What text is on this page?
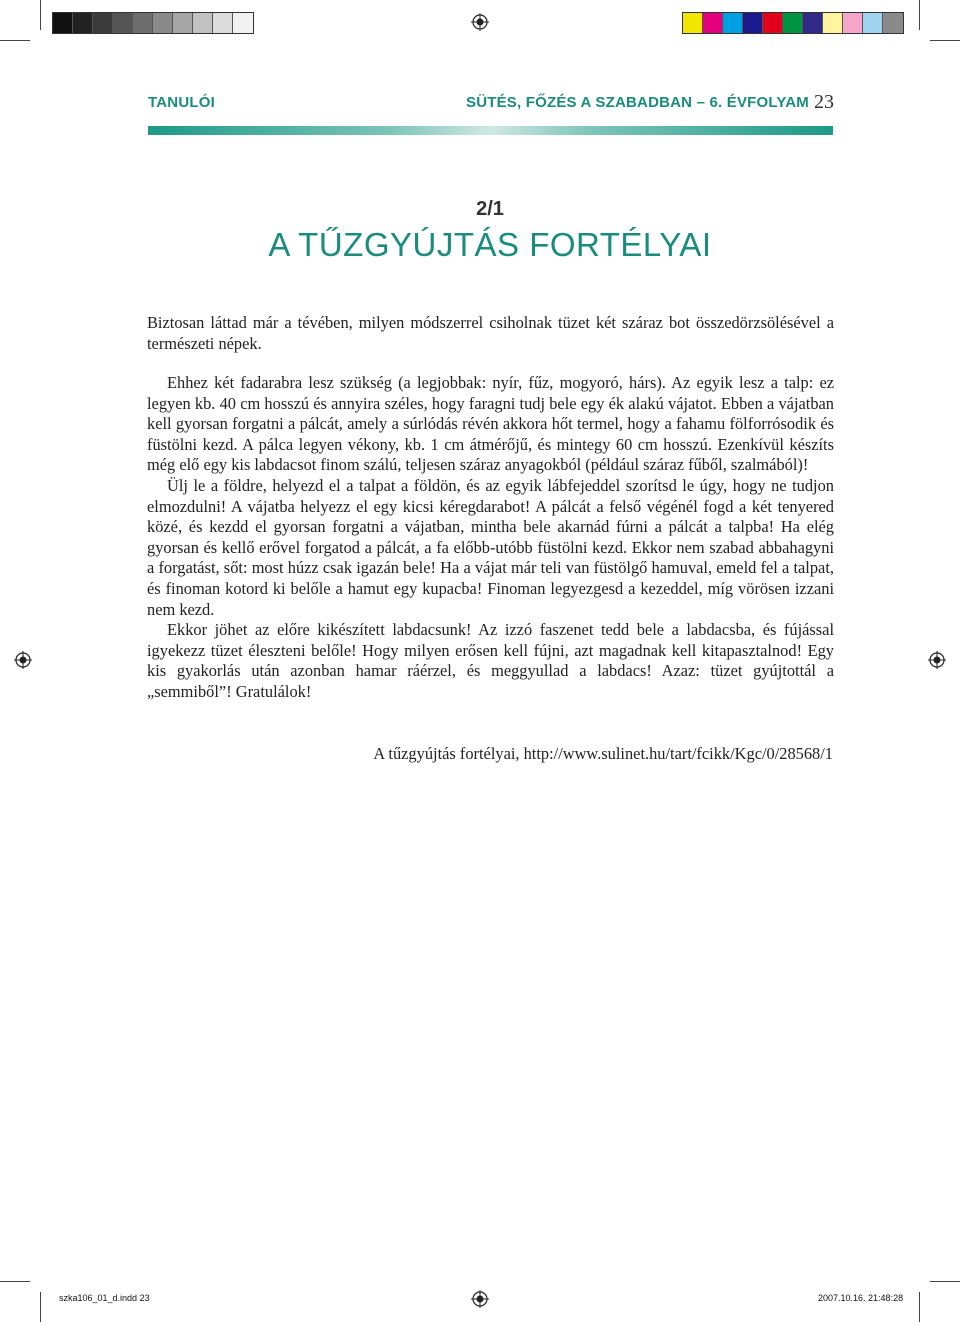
TANULÓI	SÜTÉS, FŐZÉS A SZABADBAN – 6. ÉVFOLYAM 23
2/1
A TŰZGYÚJTÁS FORTÉLYAI

Biztosan láttad már a tévében, milyen módszerrel csiholnak tüzet két száraz bot összedörzsölésével a természeti népek.

Ehhez két fadarabra lesz szükség (a legjobbak: nyír, fűz, mogyoró, hárs). Az egyik lesz a talp: ez legyen kb. 40 cm hosszú és annyira széles, hogy faragni tudj bele egy ék alakú vájatot. Ebben a vájatban kell gyorsan forgatni a pálcát, amely a súrlódás révén akkora hőt termel, hogy a fahamu fölforrósodik és füstölni kezd. A pálca legyen vékony, kb. 1 cm átmérőjű, és mintegy 60 cm hosszú. Ezenkívül készíts még elő egy kis labdacsot finom szálú, teljesen száraz anyagokból (például száraz fűből, szalmából)!

Ülj le a földre, helyezd el a talpat a földön, és az egyik lábfejeddel szorítsd le úgy, hogy ne tudjon elmozdulni! A vájatba helyezz el egy kicsi kéregdarabot! A pálcát a felső végénél fogd a két tenyered közé, és kezdd el gyorsan forgatni a vájatban, mintha bele akarnád fúrni a pálcát a talpba! Ha elég gyorsan és kellő erővel forgatod a pálcát, a fa előbb-utóbb füstölni kezd. Ekkor nem szabad abbahagyni a forgatást, sőt: most húzz csak igazán bele! Ha a vájat már teli van füstölgő hamuval, emeld fel a talpat, és finoman kotord ki belőle a hamut egy kupacba! Finoman legyezgesd a kezeddel, míg vörösen izzani nem kezd.

Ekkor jöhet az előre kikészített labdacsunk! Az izzó faszenet tedd bele a labdacsba, és fújással igyekezz tüzet éleszteni belőle! Hogy milyen erősen kell fújni, azt magadnak kell kitapasztalnod! Egy kis gyakorlás után azonban hamar ráérzel, és meggyullad a labdacs! Azaz: tüzet gyújtottál a „semmiből”! Gratulálok!

A tűzgyújtás fortélyai, http://www.sulinet.hu/tart/fcikk/Kgc/0/28568/1
szka106_01_d.indd 23	2007.10.16. 21:48:28
